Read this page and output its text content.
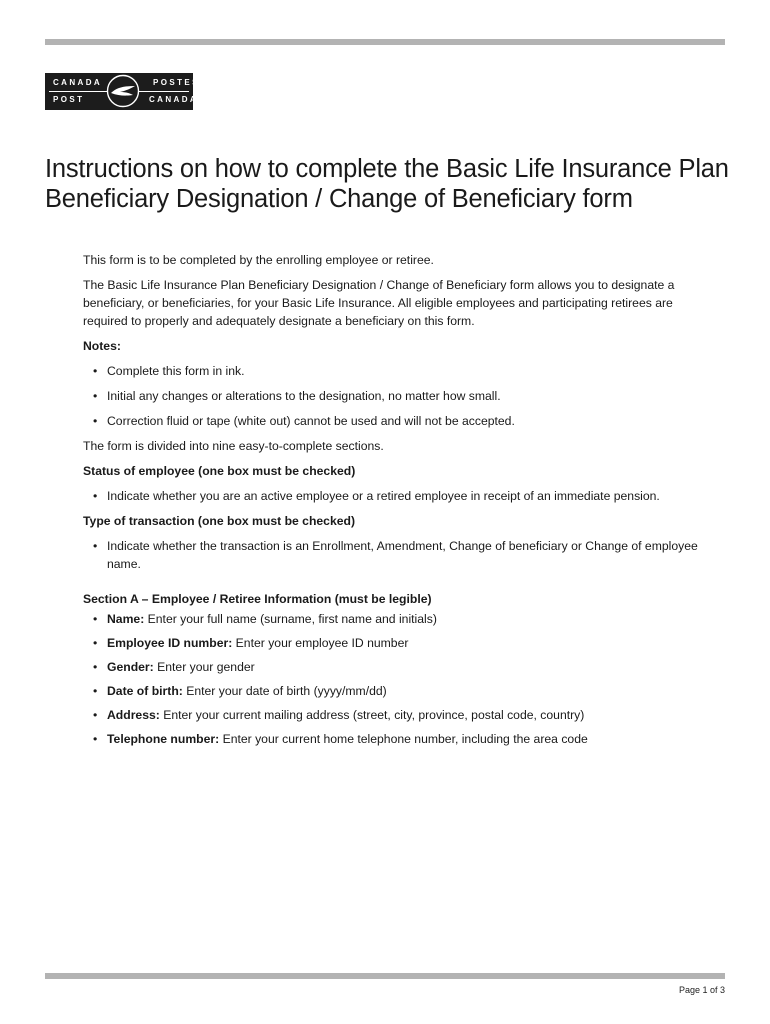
CANADA	POSTES
POST	CANADA
Instructions on how to complete the Basic Life Insurance Plan Beneficiary Designation / Change of Beneficiary form

This form is to be completed by the enrolling employee or retiree.

The Basic Life Insurance Plan Beneficiary Designation / Change of Beneficiary form allows you to designate a beneficiary, or beneficiaries, for your Basic Life Insurance. All eligible employees and participating retirees are required to properly and adequately designate a beneficiary on this form.

Notes:

• Complete this form in ink.
• Initial any changes or alterations to the designation, no matter how small.
• Correction fluid or tape (white out) cannot be used and will not be accepted.

The form is divided into nine easy-to-complete sections.

Status of employee (one box must be checked)

• Indicate whether you are an active employee or a retired employee in receipt of an immediate pension.

Type of transaction (one box must be checked)

• Indicate whether the transaction is an Enrollment, Amendment, Change of beneficiary or Change of employee name.

Section A – Employee / Retiree Information (must be legible)

• Name: Enter your full name (surname, first name and initials)
• Employee ID number: Enter your employee ID number
• Gender: Enter your gender
• Date of birth: Enter your date of birth (yyyy/mm/dd)
• Address: Enter your current mailing address (street, city, province, postal code, country)
• Telephone number: Enter your current home telephone number, including the area code
Page 1 of 3
